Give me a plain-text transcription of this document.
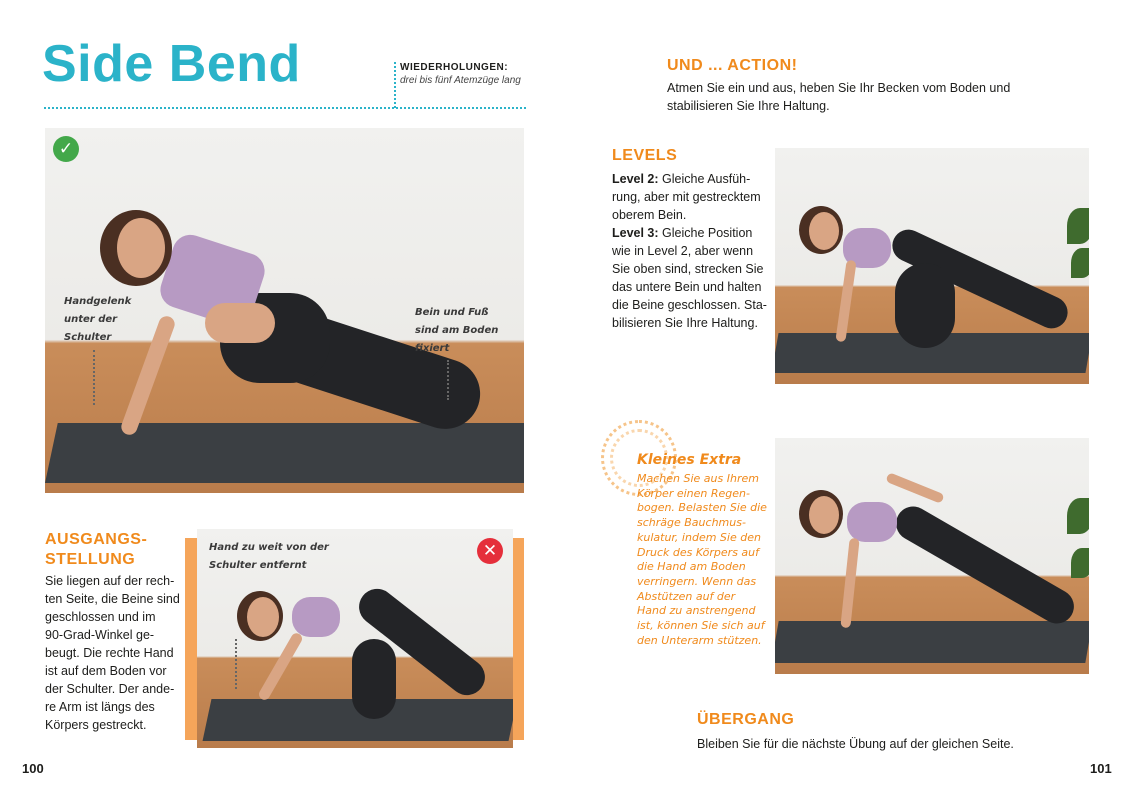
Side Bend	WIEDERHOLUNGEN:
drei bis fünf Atemzüge lang
✓
Handgelenk
unter der
Schulter
Bein und Fuß
sind am Boden
fixiert
AUSGANGS-
STELLUNG
Sie liegen auf der rech-
ten Seite, die Beine sind
geschlossen und im
90-Grad-Winkel ge-
beugt. Die rechte Hand
ist auf dem Boden vor
der Schulter. Der ande-
re Arm ist längs des
Körpers gestreckt.
Hand zu weit von der
Schulter entfernt
✕
100
UND ... ACTION!
Atmen Sie ein und aus, heben Sie Ihr Becken vom Boden und
stabilisieren Sie Ihre Haltung.
LEVELS
Level 2: Gleiche Ausfüh-
rung, aber mit gestrecktem
oberem Bein.
Level 3: Gleiche Position
wie in Level 2, aber wenn
Sie oben sind, strecken Sie
das untere Bein und halten
die Beine geschlossen. Sta-
bilisieren Sie Ihre Haltung.
Kleines Extra
Machen Sie aus Ihrem
Körper einen Regen-
bogen. Belasten Sie die
schräge Bauchmus-
kulatur, indem Sie den
Druck des Körpers auf
die Hand am Boden
verringern. Wenn das
Abstützen auf der
Hand zu anstrengend
ist, können Sie sich auf
den Unterarm stützen.
ÜBERGANG
Bleiben Sie für die nächste Übung auf der gleichen Seite.
101
